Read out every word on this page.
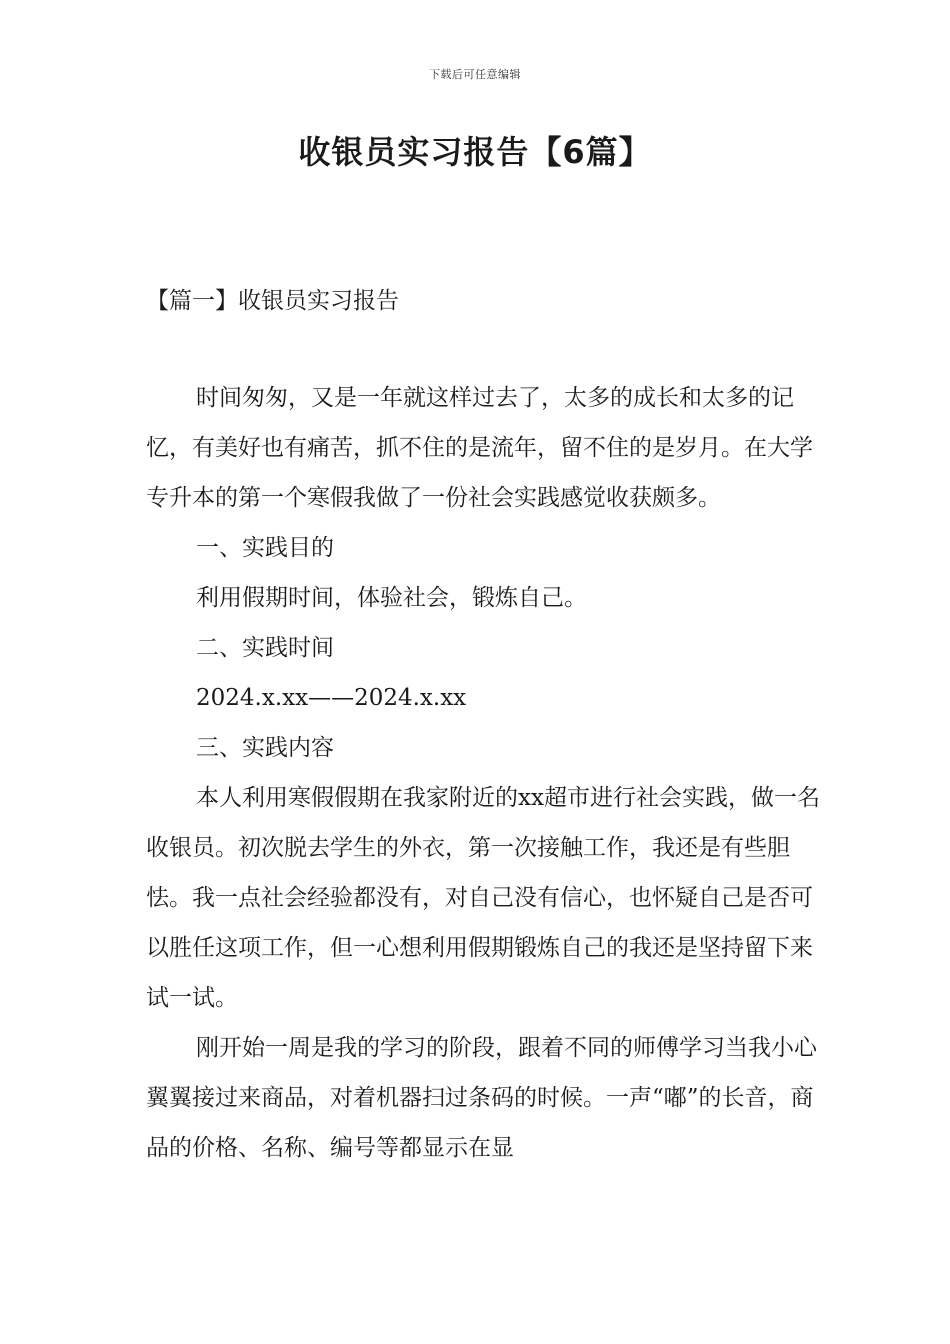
下载后可任意编辑
收银员实习报告【6篇】
【篇一】收银员实习报告

时间匆匆，又是一年就这样过去了，太多的成长和太多的记忆，有美好也有痛苦，抓不住的是流年，留不住的是岁月。在大学专升本的第一个寒假我做了一份社会实践感觉收获颇多。

一、实践目的

利用假期时间，体验社会，锻炼自己。

二、实践时间

2024.x.xx——2024.x.xx

三、实践内容

本人利用寒假假期在我家附近的xx超市进行社会实践，做一名收银员。初次脱去学生的外衣，第一次接触工作，我还是有些胆怯。我一点社会经验都没有，对自己没有信心，也怀疑自己是否可以胜任这项工作，但一心想利用假期锻炼自己的我还是坚持留下来试一试。

刚开始一周是我的学习的阶段，跟着不同的师傅学习当我小心翼翼接过来商品，对着机器扫过条码的时候。一声“嘟”的长音，商品的价格、名称、编号等都显示在显
